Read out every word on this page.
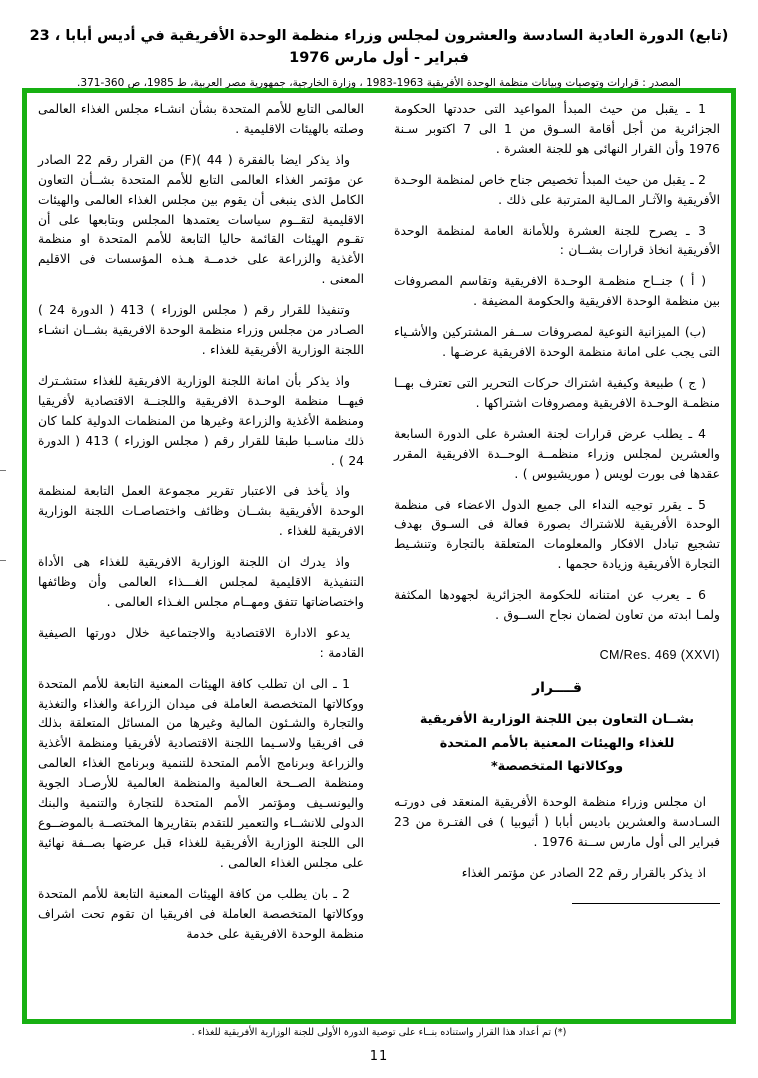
(تابع) الدورة العادية السادسة والعشرون لمجلس وزراء منظمة الوحدة الأفريقية في أديس أبابا ، 23 فبراير - أول مارس 1976
المصدر : قرارات وتوصيات وبيانات منظمة الوحدة الأفريقية 1963-1983 ، وزارة الخارجية، جمهورية مصر العربية، ط 1985، ص 360-371.

1 ـ يقبل من حيث المبدأ المواعيد التى حددتها الحكومة الجزائرية من أجل أقامة السـوق من 1 الى 7 اكتوبر سـنة 1976 وأن القرار النهائى هو للجنة العشرة .

2 ـ يقبل من حيث المبدأ تخصيص جناح خاص لمنظمة الوحـدة الأفريقية والآثـار المـالية المترتبة على ذلك .

3 ـ يصرح للجنة العشرة وللأمانة العامة لمنظمة الوحدة الأفريقية انخاذ قرارات بشــان :

( أ ) جنــاح منظمـة الوحـدة الافريقية وتقاسم المصروفات بين منظمة الوحدة الافريقية والحكومة المضيفة .

(ب) الميزانية النوعية لمصروفات ســفر المشتركين والأشـياء التى يجب على امانة منظمة الوحدة الافريقية عرضـها .

( ج ) طبيعة وكيفية اشتراك حركات التحرير التى تعترف بهــا منظمـة الوحـدة الافريقية ومصروفات اشتراكها .

4 ـ يطلب عرض قرارات لجنة العشرة على الدورة السابعة والعشرين لمجلس وزراء منظمــة الوحــدة الافريقية المقرر عقدها فى بورت لويس ( موريشيوس ) .

5 ـ يقرر توجيه النداء الى جميع الدول الاعضاء فى منظمة الوحدة الأفريقية للاشتراك بصورة فعالة فى السـوق بهدف تشجيع تبادل الافكار والمعلومات المتعلقة بالتجارة وتنشـيط التجارة الأفريقية وزيادة حجمها .

6 ـ يعرب عن امتنانه للحكومة الجزائرية لجهودها المكثفة ولمـا ابدته من تعاون لضمان نجاح الســوق .

CM/Res. 469 (XXVI)
قــــرار
بشــان التعاون بين اللجنة الوزارية الأفريقية
للغذاء والهيئات المعنية بالأمم المتحدة
ووكالاتها المتخصصة*

ان مجلس وزراء منظمة الوحدة الأفريقية المنعقد فى دورتـه السـادسة والعشرين باديس أبابا ( أثيوبيا ) فى الفتـرة من 23 فبراير الى أول مارس ســنة 1976 .

اذ يذكر بالقرار رقم 22 الصادر عن مؤتمر الغذاء

العالمى التابع للأمم المتحدة بشأن انشـاء مجلس الغذاء العالمى وصلته بالهيئات الاقليمية .

واذ يذكر ايضا بالفقرة ( 44 )(F) من القرار رقم 22 الصادر عن مؤتمر الغذاء العالمى التابع للأمم المتحدة بشــأن التعاون الكامل الذى ينبغى أن يقوم بين مجلس الغذاء العالمى والهيئات الاقليمية لتقــوم سياسات يعتمدها المجلس وبتابعها على أن تقـوم الهيئات القائمة حاليا التابعة للأمم المتحدة او منظمة الأغذية والزراعة على خدمــة هـذه المؤسسات فى الاقليم المعنى .

وتنفيذا للقرار رقم ( مجلس الوزراء ) 413 ( الدورة 24 ) الصـادر من مجلس وزراء منظمة الوحدة الافريقية بشــان انشـاء اللجنة الوزارية الأفريقية للغذاء .

واذ يذكر بأن امانة اللجنة الوزارية الافريقية للغذاء ستشـترك فيهــا منظمة الوحـدة الافريقية واللجنــة الاقتصادية لأفريقيا ومنظمة الأغذية والزراعة وغيرها من المنظمات الدولية كلما كان ذلك مناسـبا طبقا للقرار رقم ( مجلس الوزراء ) 413 ( الدورة 24 ) .

واذ يأخذ فى الاعتبار تقرير مجموعة العمل التابعة لمنظمة الوحدة الأفريقية بشــان وظائف واختصاصـات اللجنة الوزارية الافريقية للغذاء .

واذ يدرك ان اللجنة الوزارية الافريقية للغذاء هى الأداة التنفيذية الاقليمية لمجلس الغـــذاء العالمى وأن وظائفها واختصاضاتها تتفق ومهــام مجلس الغـذاء العالمى .

يدعو الادارة الاقتصادية والاجتماعية خلال دورتها الصيفية القادمة :

1 ـ الى ان تطلب كافة الهيئات المعنية التابعة للأمم المتحدة ووكالاتها المتخصصة العاملة فى ميدان الزراعة والغذاء والتغذية والتجارة والشـئون المالية وغيرها من المسائل المتعلقة بذلك فى افريقيا ولاسـيما اللجنة الاقتصادية لأفريقيا ومنظمة الأغذية والزراعة وبرنامج الأمم المتحدة للتنمية وبرنامج الغذاء العالمى ومنظمة الصــحة العالمية والمنظمة العالمية للأرصـاد الجوية واليونسـيف ومؤتمر الأمم المتحدة للتجارة والتنمية والبنك الدولى للانشــاء والتعمير للتقدم بتقاريرها المختصــة بالموضــوع الى اللجنة الوزارية الأفريقية للغذاء قبل عرضها بصــفة نهائية على مجلس الغذاء العالمى .

2 ـ بان يطلب من كافة الهيئات المعنية التابعة للأمم المتحدة ووكالاتها المتخصصة العاملة فى افريقيا ان تقوم تحت اشراف منظمة الوحدة الافريقية على خدمة

(*) تم أعداد هذا القرار واستناده بنــاء على توصية الدورة الأولى للجنة الوزارية الأفريقية للغذاء .
11
